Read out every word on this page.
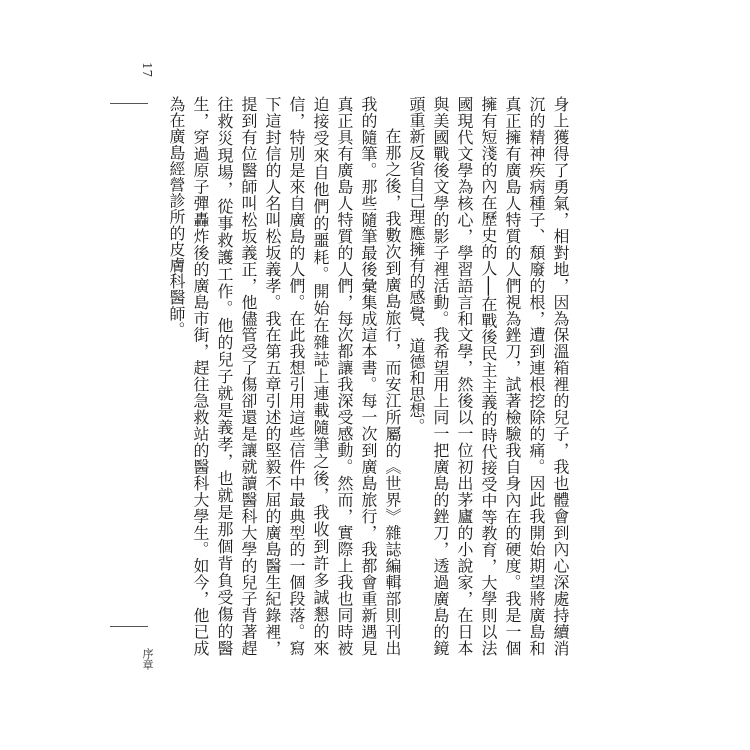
17

身上獲得了勇氣，相對地，因為保溫箱裡的兒子，我也體會到內心深處持續消沉的精神疾病種子、頹廢的根，遭到連根挖除的痛。因此我開始期望將廣島和真正擁有廣島人特質的人們視為銼刀，試著檢驗我自身內在的硬度。我是一個擁有短淺的內在歷史的人──在戰後民主主義的時代接受中等教育，大學則以法國現代文學為核心，學習語言和文學，然後以一位初出茅廬的小說家，在日本與美國戰後文學的影子裡活動。我希望用上同一把廣島的銼刀，透過廣島的鏡頭重新反省自己理應擁有的感覺、道德和思想。

在那之後，我數次到廣島旅行，而安江所屬的《世界》雜誌編輯部則刊出我的隨筆。那些隨筆最後彙集成這本書。每一次到廣島旅行，我都會重新遇見真正具有廣島人特質的人們，每次都讓我深受感動。然而，實際上我也同時被迫接受來自他們的噩耗。開始在雜誌上連載隨筆之後，我收到許多誠懇的來信，特別是來自廣島的人們。在此我想引用這些信件中最典型的一個段落。寫下這封信的人名叫松坂義孝。我在第五章引述的堅毅不屈的廣島醫生紀錄裡，提到有位醫師叫松坂義正，他儘管受了傷卻還是讓就讀醫科大學的兒子背著趕往救災現場，從事救護工作。他的兒子就是義孝，也就是那個背負受傷的醫生，穿過原子彈轟炸後的廣島市街，趕往急救站的醫科大學生。如今，他已成為在廣島經營診所的皮膚科醫師。

序章
